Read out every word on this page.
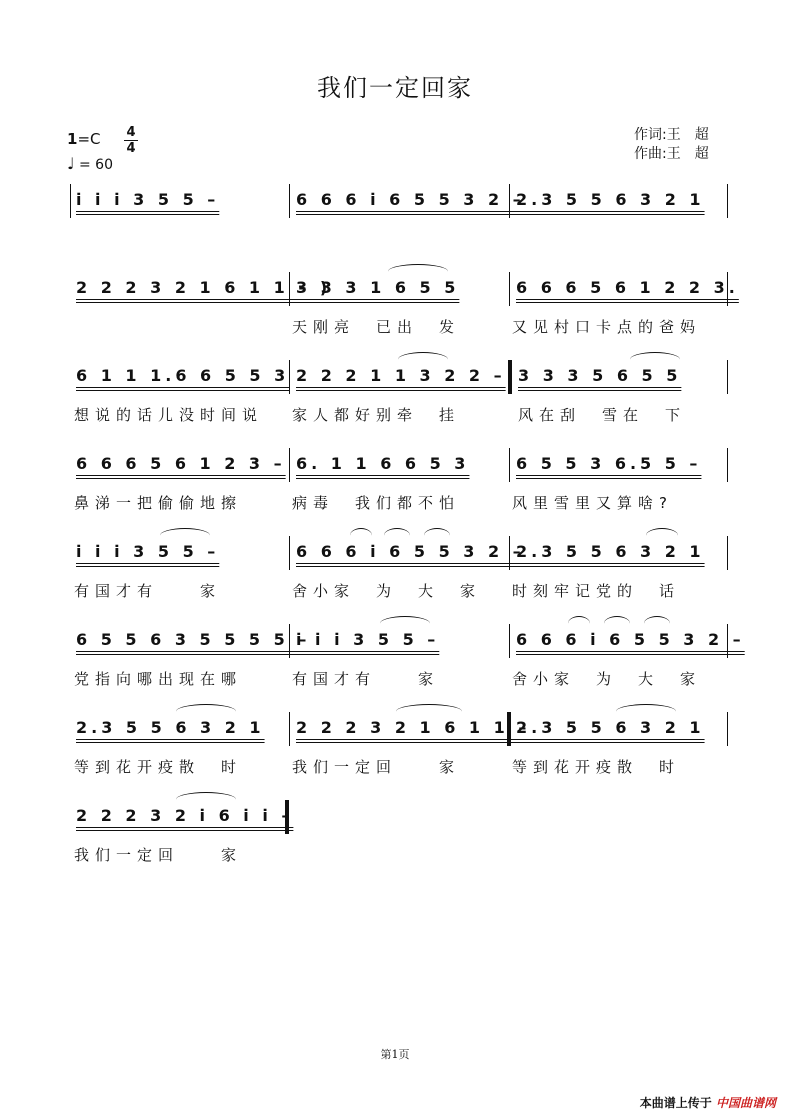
我们一定回家
1=C 4
4
♩ = 60
作词:王　超
作曲:王　超
i̇ i̇ i̇ 3 5 5 –	6 6 6 i̇ 6 5 5 3 2 –
2.3 5 5 6 3 2 1
2 2 2 3 2 1 6 1 1 – )
3 3 3 1 6 5 5	6 6 6 5 6 1 2 2 3.
天刚亮　已出　发	又见村口卡点的爸妈
6 1 1 1.6 6 5 5 3 2 2 2 1 1 3 2 2 – 3 3 3 5 6 5 5
想说的话儿没时间说 家人都好别牵　挂	风在刮　雪在　下
6 6 6 5 6 1 2 3 – 6. 1 1 6 6 5 3	6 5 5 3 6.5 5 –
鼻涕一把偷偷地擦	病毒　我们都不怕	风里雪里又算啥?
i̇ i̇ i̇ 3 5 5 –	6 6 6 i̇ 6 5 5 3 2 –
2.3 5 5 6 3 2 1
有国才有　　家	舍小家　为　大　家 时刻牢记党的　话
6 5 5 6 3 5 5 5 5 –
i̇ i̇ i̇ 3 5 5 –	6 6 6 i̇ 6 5 5 3 2 –
党指向哪出现在哪	有国才有　　家	舍小家　为　大　家
2.3 5 5 6 3 2 1 2 2 2 3 2 1 6 1 1 –
2.3 5 5 6 3 2 1
等到花开疫散　时	我们一定回　　家	等到花开疫散　时
2 2 2 3 2 i̇ 6 i̇ i̇ –
我们一定回　　家
第1页
本曲谱上传于 中国曲谱网
